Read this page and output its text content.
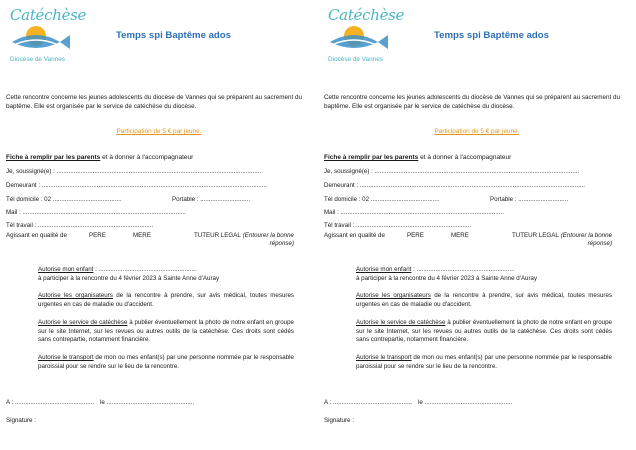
Catéchèse
Diocèse de Vannes
Temps spi Baptême ados
Cette rencontre concerne les jeunes adolescents du diocèse de Vannes qui se préparent au sacrement du baptême. Elle est organisée par le service de catéchèse du diocèse.
Participation de 5 € par jeune.
Fiche à remplir par les parents et à donner à l'accompagnateur
Je, soussigné(e) : .......................................................................................................................
Demeurant : ...................................................................................................................................
Tél domicile : 02 ........................................	Portable : .............................
Mail : ...............................................................................................
Tél travail : ...................................................................
Agissant en qualité de	PERE	MERE	TUTEUR LEGAL (Entourer la bonne réponse)
Autorise mon enfant : .........................................................
à participer à la rencontre du 4 février 2023 à Sainte Anne d'Auray
Autorise les organisateurs de la rencontre à prendre, sur avis médical, toutes mesures urgentes en cas de maladie ou d'accident.
Autorise le service de catéchèse à publier éventuellement la photo de notre enfant en groupe sur le site Internet, sur les revues ou autres outils de la catéchèse. Ces droits sont cédés sans contrepartie, notamment financière.
Autorise le transport de mon ou mes enfant(s) par une personne nommée par le responsable paroissial pour se rendre sur le lieu de la rencontre.
A : .............................................. le ...................................................
Signature :
Catéchèse
Diocèse de Vannes
Temps spi Baptême ados
Cette rencontre concerne les jeunes adolescents du diocèse de Vannes qui se préparent au sacrement du baptême. Elle est organisée par le service de catéchèse du diocèse.
Participation de 5 € par jeune.
Fiche à remplir par les parents et à donner à l'accompagnateur
Je, soussigné(e) : .......................................................................................................................
Demeurant : ...................................................................................................................................
Tél domicile : 02 ........................................	Portable : .............................
Mail : ...............................................................................................
Tél travail : ...................................................................
Agissant en qualité de	PERE	MERE	TUTEUR LEGAL (Entourer la bonne réponse)
Autorise mon enfant : .........................................................
à participer à la rencontre du 4 février 2023 à Sainte Anne d'Auray
Autorise les organisateurs de la rencontre à prendre, sur avis médical, toutes mesures urgentes en cas de maladie ou d'accident.
Autorise le service de catéchèse à publier éventuellement la photo de notre enfant en groupe sur le site Internet, sur les revues ou autres outils de la catéchèse. Ces droits sont cédés sans contrepartie, notamment financière.
Autorise le transport de mon ou mes enfant(s) par une personne nommée par le responsable paroissial pour se rendre sur le lieu de la rencontre.
A : .............................................. le ...................................................
Signature :
